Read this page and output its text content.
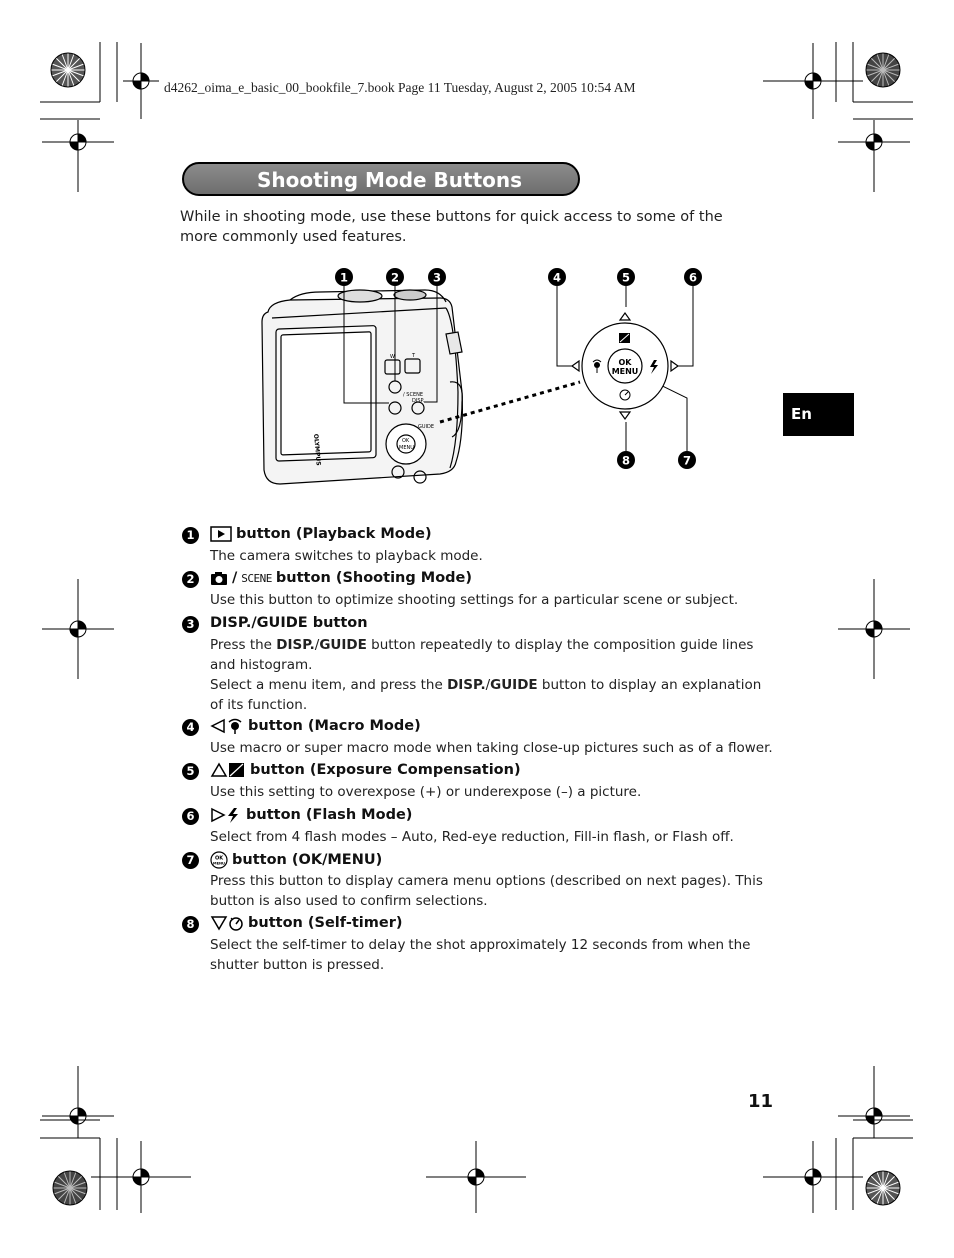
d4262_oima_e_basic_00_bookfile_7.book Page 11 Tuesday, August 2, 2005 10:54 AM
Shooting Mode Buttons
While in shooting mode, use these buttons for quick access to some of the more commonly used features.
En
1	2	3	4	5	6
8	7
W	T
/ SCENE
DISP.
GUIDE
OK
MENU
OLYMPUS
OK
MENU
1	button (Playback Mode)
The camera switches to playback mode.
2	/ SCENE button (Shooting Mode)
Use this button to optimize shooting settings for a particular scene or subject.
3	DISP./GUIDE button
Press the DISP./GUIDE button repeatedly to display the composition guide lines and histogram.
Select a menu item, and press the DISP./GUIDE button to display an explanation of its function.
4	button (Macro Mode)
Use macro or super macro mode when taking close-up pictures such as of a flower.
5	button (Exposure Compensation)
Use this setting to overexpose (+) or underexpose (–) a picture.
6	button (Flash Mode)
Select from 4 flash modes – Auto, Red-eye reduction, Fill-in flash, or Flash off.
7	OK
MENU button (OK/MENU)
Press this button to display camera menu options (described on next pages). This button is also used to confirm selections.
8	button (Self-timer)
Select the self-timer to delay the shot approximately 12 seconds from when the shutter button is pressed.
11
